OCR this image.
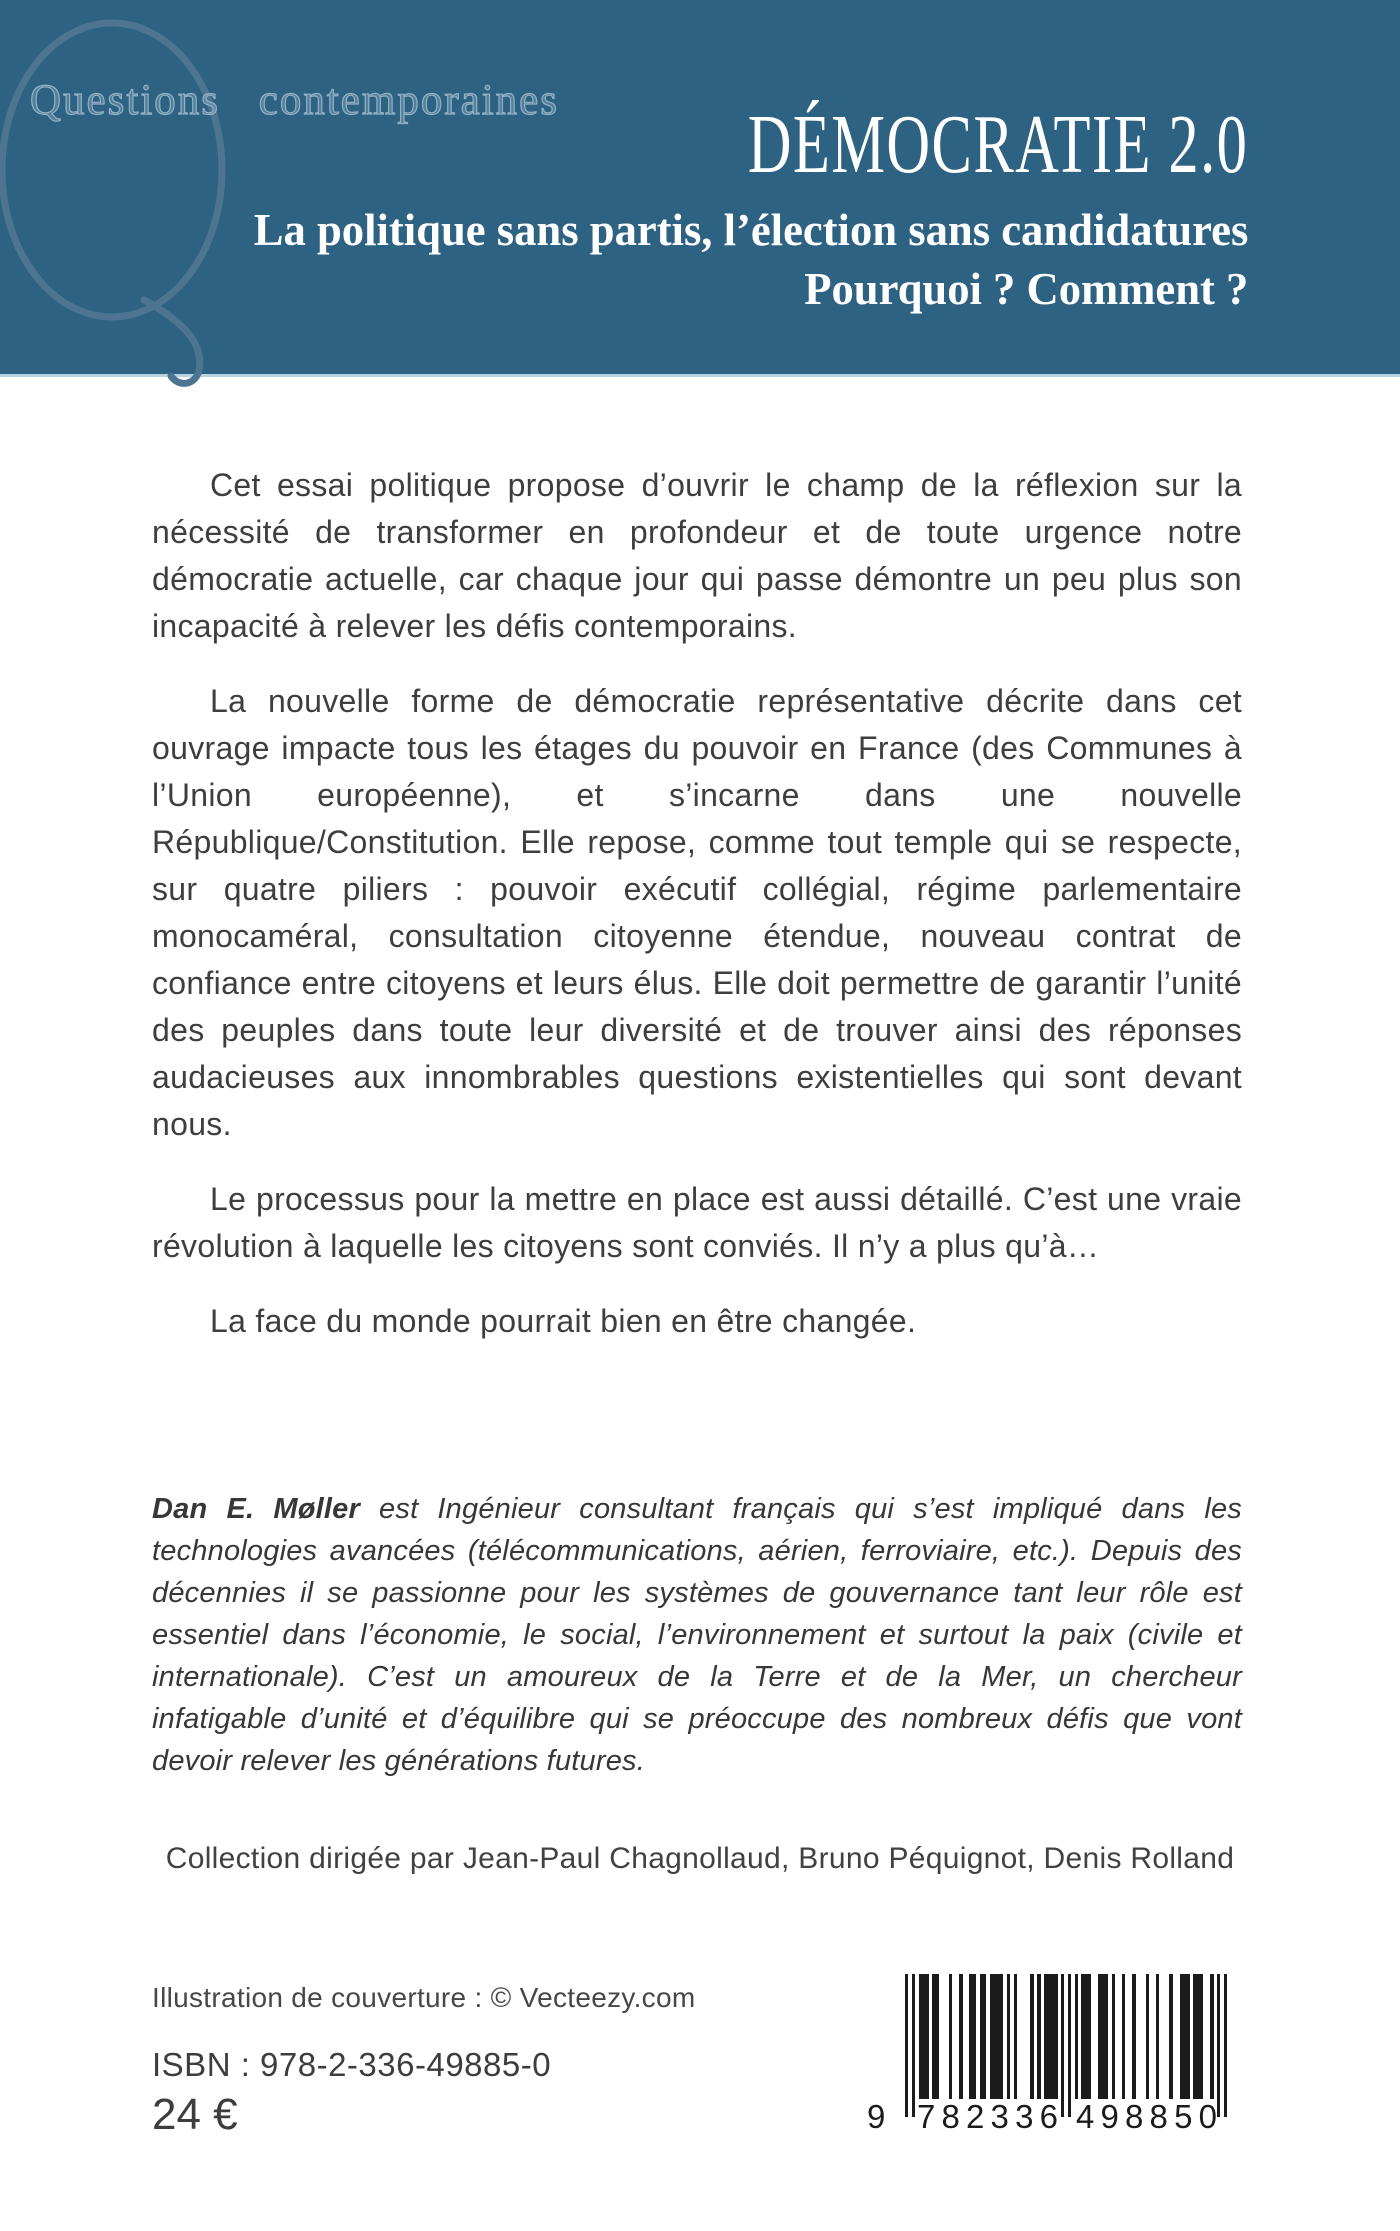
Questions contemporaines	DÉMOCRATIE 2.0
La politique sans partis, l’élection sans candidatures
Pourquoi ? Comment ?

Cet essai politique propose d’ouvrir le champ de la réflexion sur la nécessité de transformer en profondeur et de toute urgence notre démocratie actuelle, car chaque jour qui passe démontre un peu plus son incapacité à relever les défis contemporains.

La nouvelle forme de démocratie représentative décrite dans cet ouvrage impacte tous les étages du pouvoir en France (des Communes à l’Union européenne), et s’incarne dans une nouvelle République/Constitution. Elle repose, comme tout temple qui se respecte, sur quatre piliers : pouvoir exécutif collégial, régime parlementaire monocaméral, consultation citoyenne étendue, nouveau contrat de confiance entre citoyens et leurs élus. Elle doit permettre de garantir l’unité des peuples dans toute leur diversité et de trouver ainsi des réponses audacieuses aux innombrables questions existentielles qui sont devant nous.

Le processus pour la mettre en place est aussi détaillé. C’est une vraie révolution à laquelle les citoyens sont conviés. Il n’y a plus qu’à…

La face du monde pourrait bien en être changée.

Dan E. Møller est Ingénieur consultant français qui s’est impliqué dans les technologies avancées (télécommunications, aérien, ferroviaire, etc.). Depuis des décennies il se passionne pour les systèmes de gouvernance tant leur rôle est essentiel dans l’économie, le social, l’environnement et surtout la paix (civile et internationale). C’est un amoureux de la Terre et de la Mer, un chercheur infatigable d’unité et d’équilibre qui se préoccupe des nombreux défis que vont devoir relever les générations futures.
Collection dirigée par Jean-Paul Chagnollaud, Bruno Péquignot, Denis Rolland
Illustration de couverture : © Vecteezy.com
ISBN : 978-2-336-49885-0
24 €	9 7 8 2 3 3 6 4 9 8 8 5 0
